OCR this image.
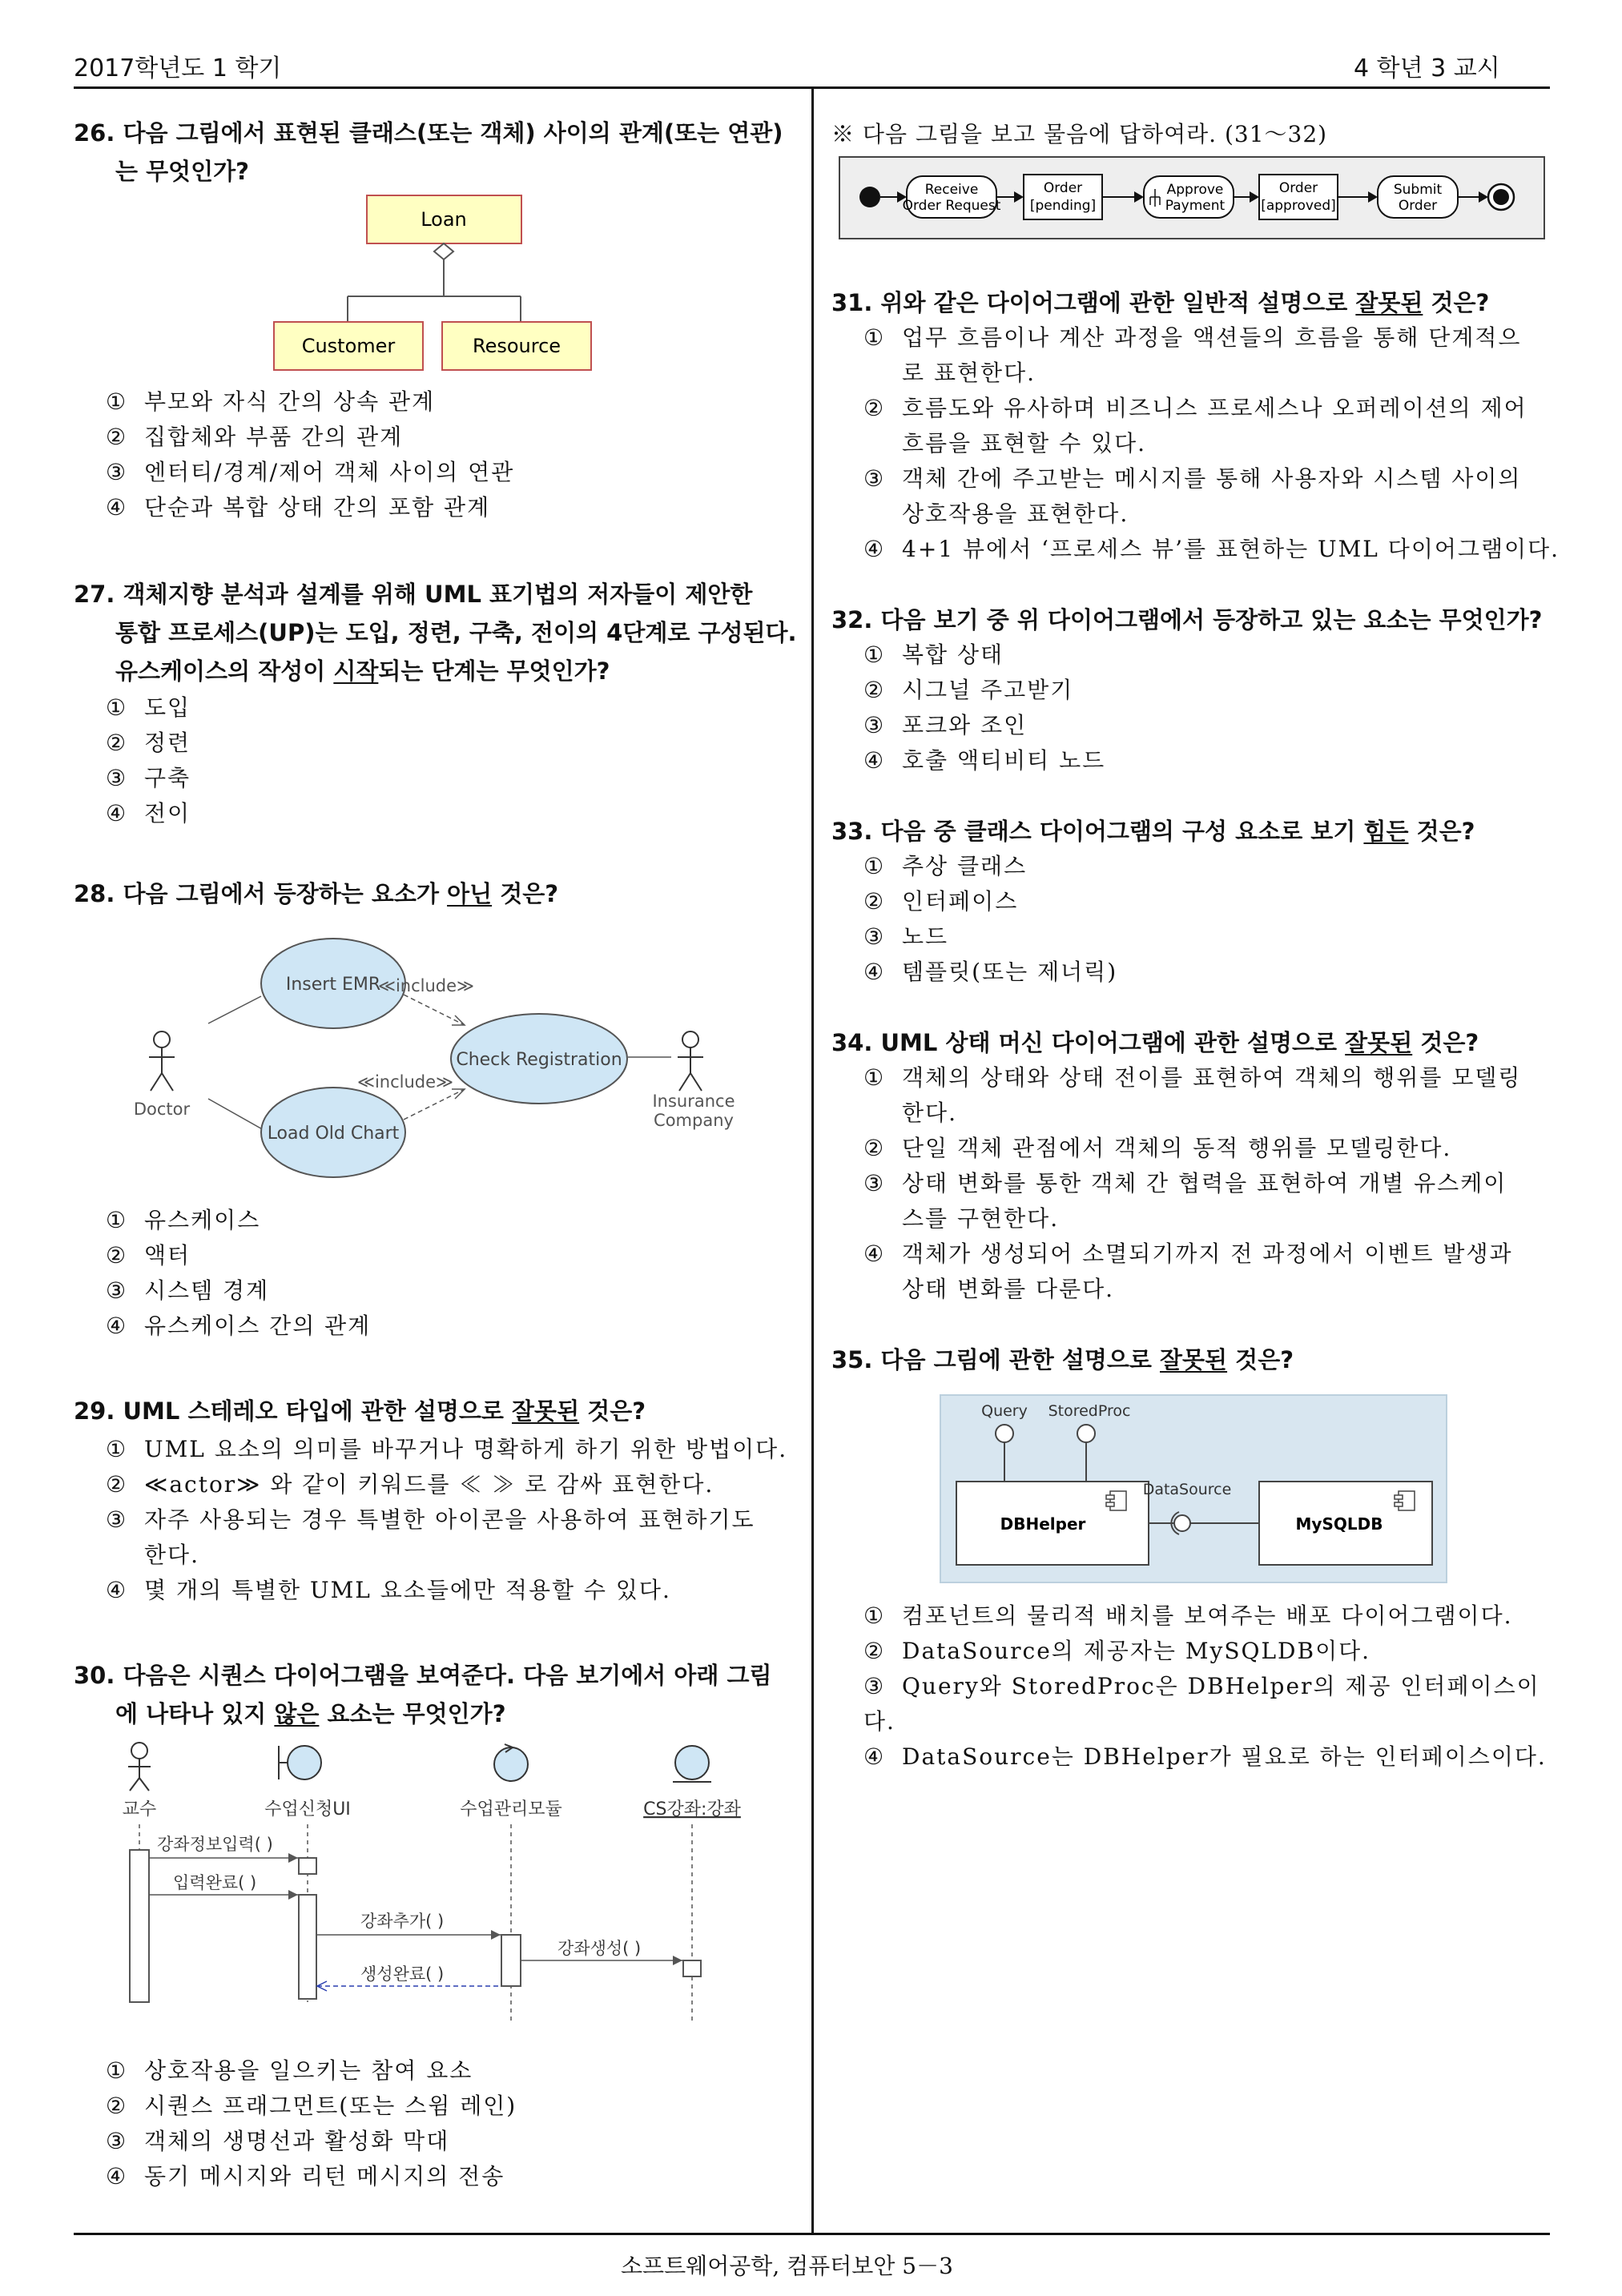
2017학년도 1 학기	4 학년 3 교시
소프트웨어공학, 컴퓨터보안 5－3
26. 다음 그림에서 표현된 클래스(또는 객체) 사이의 관계(또는 연관)
는 무엇인가?
Loan
Customer	Resource
① 부모와 자식 간의 상속 관계
② 집합체와 부품 간의 관계
③ 엔터티/경계/제어 객체 사이의 연관
④ 단순과 복합 상태 간의 포함 관계
27. 객체지향 분석과 설계를 위해 UML 표기법의 저자들이 제안한
통합 프로세스(UP)는 도입, 정련, 구축, 전이의 4단계로 구성된다.
유스케이스의 작성이 시작되는 단계는 무엇인가?
① 도입
② 정련
③ 구축
④ 전이
28. 다음 그림에서 등장하는 요소가 아닌 것은?
Doctor	Insurance
Company
Insert EMR
Check Registration
Load Old Chart
≪include≫
≪include≫
① 유스케이스
② 액터
③ 시스템 경계
④ 유스케이스 간의 관계
29. UML 스테레오 타입에 관한 설명으로 잘못된 것은?
① UML 요소의 의미를 바꾸거나 명확하게 하기 위한 방법이다.
② ≪actor≫ 와 같이 키워드를 ≪ ≫ 로 감싸 표현한다.
③ 자주 사용되는 경우 특별한 아이콘을 사용하여 표현하기도
한다.
④ 몇 개의 특별한 UML 요소들에만 적용할 수 있다.
30. 다음은 시퀀스 다이어그램을 보여준다. 다음 보기에서 아래 그림
에 나타나 있지 않은 요소는 무엇인가?
교수	수업신청UI	수업관리모듈	CS강좌:강좌
강좌정보입력( )
입력완료( )
강좌추가( )
강좌생성( )
생성완료( )
① 상호작용을 일으키는 참여 요소
② 시퀀스 프래그먼트(또는 스윔 레인)
③ 객체의 생명선과 활성화 막대
④ 동기 메시지와 리턴 메시지의 전송
※ 다음 그림을 보고 물음에 답하여라. (31～32)
Receive
Order Request
Order
[pending]
Approve
Payment
Order
[approved]
Submit
Order
31. 위와 같은 다이어그램에 관한 일반적 설명으로 잘못된 것은?
① 업무 흐름이나 계산 과정을 액션들의 흐름을 통해 단계적으
로 표현한다.
② 흐름도와 유사하며 비즈니스 프로세스나 오퍼레이션의 제어
흐름을 표현할 수 있다.
③ 객체 간에 주고받는 메시지를 통해 사용자와 시스템 사이의
상호작용을 표현한다.
④ 4+1 뷰에서 ‘프로세스 뷰’를 표현하는 UML 다이어그램이다.
32. 다음 보기 중 위 다이어그램에서 등장하고 있는 요소는 무엇인가?
① 복합 상태
② 시그널 주고받기
③ 포크와 조인
④ 호출 액티비티 노드
33. 다음 중 클래스 다이어그램의 구성 요소로 보기 힘든 것은?
① 추상 클래스
② 인터페이스
③ 노드
④ 템플릿(또는 제너릭)
34. UML 상태 머신 다이어그램에 관한 설명으로 잘못된 것은?
① 객체의 상태와 상태 전이를 표현하여 객체의 행위를 모델링
한다.
② 단일 객체 관점에서 객체의 동적 행위를 모델링한다.
③ 상태 변화를 통한 객체 간 협력을 표현하여 개별 유스케이
스를 구현한다.
④ 객체가 생성되어 소멸되기까지 전 과정에서 이벤트 발생과
상태 변화를 다룬다.
35. 다음 그림에 관한 설명으로 잘못된 것은?
Query StoredProc
DBHelper	MySQLDB
DataSource
① 컴포넌트의 물리적 배치를 보여주는 배포 다이어그램이다.
② DataSource의 제공자는 MySQLDB이다.
③ Query와 StoredProc은 DBHelper의 제공 인터페이스이다.
④ DataSource는 DBHelper가 필요로 하는 인터페이스이다.
